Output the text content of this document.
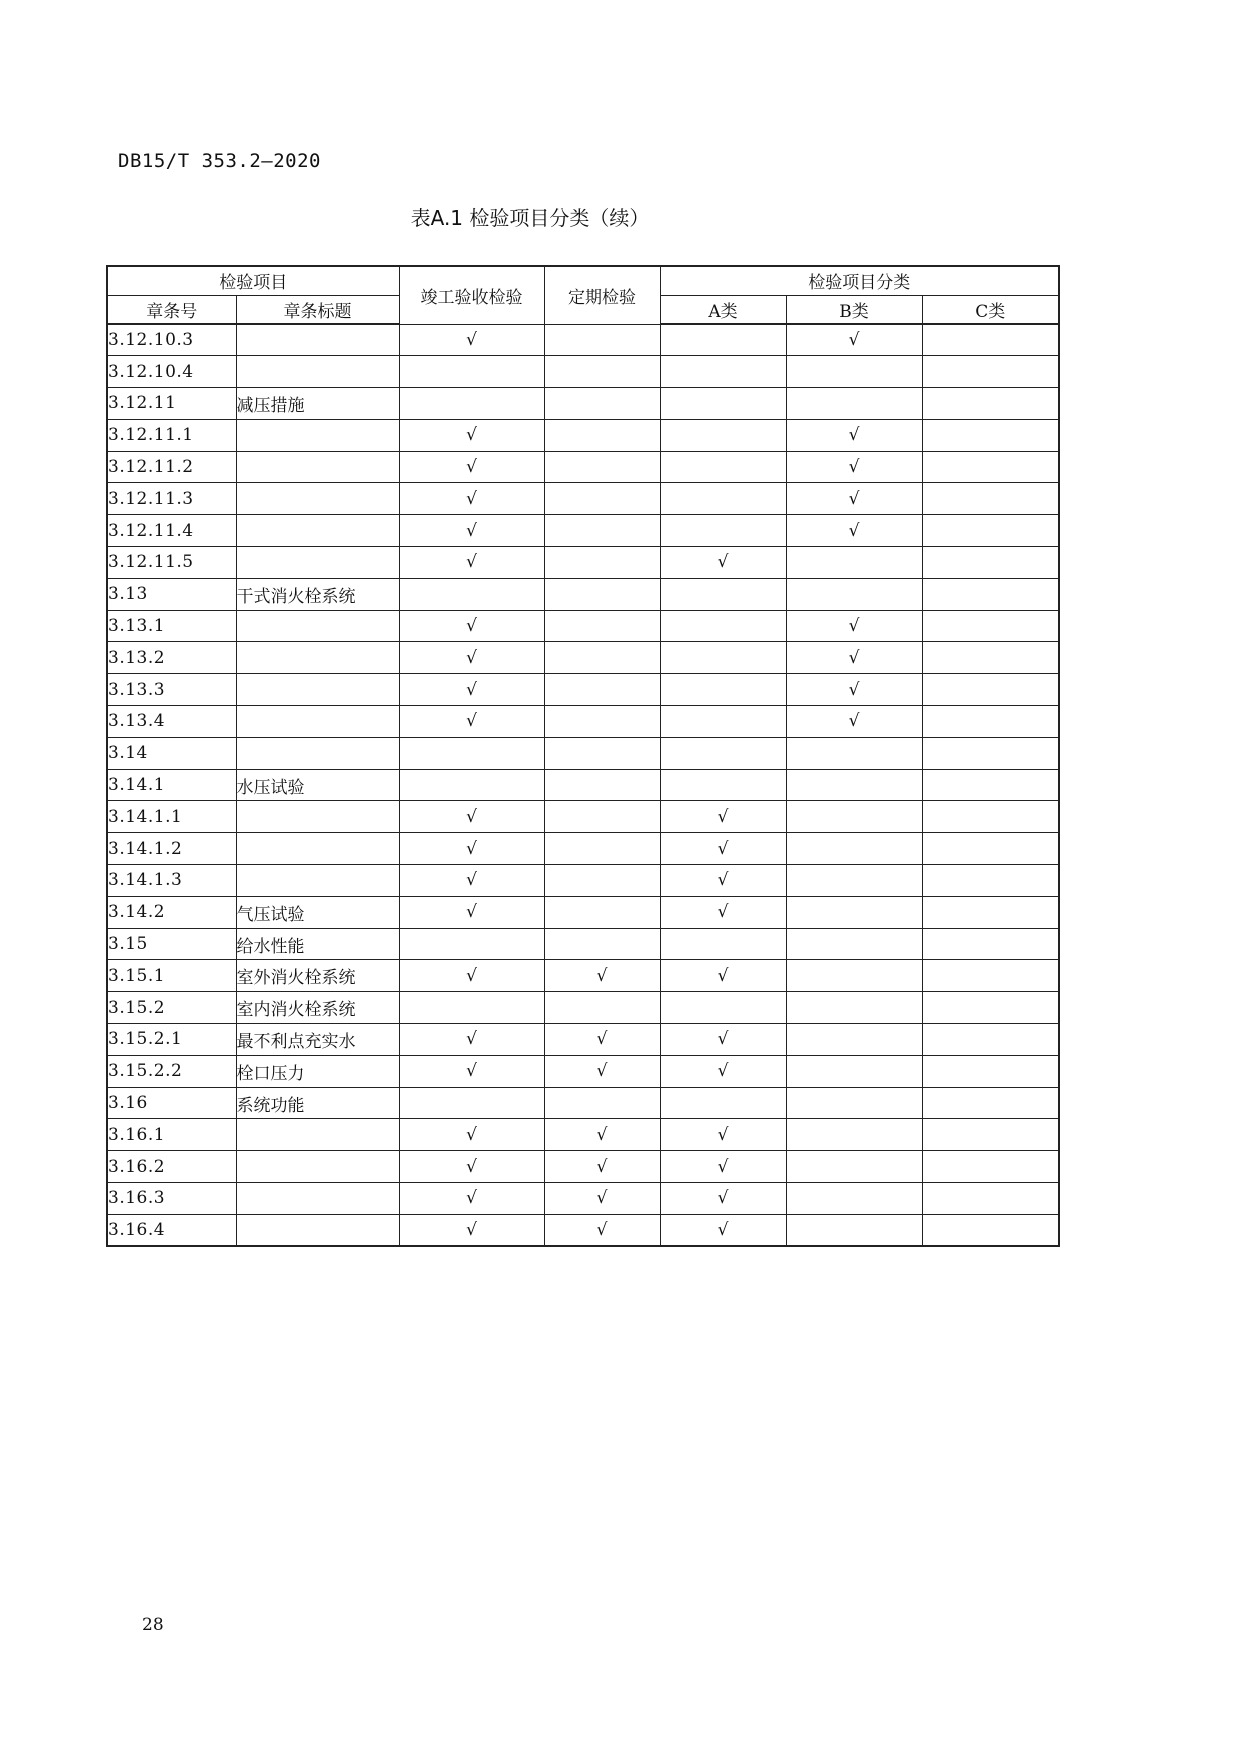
DB15/T 353.2—2020
表A.1 检验项目分类（续）
检验项目		竣工验收检验	定期检验	检验项目分类		
章条号	章条标题			A类	B类	C类
3.12.10.3		√			√	
3.12.10.4						
3.12.11	减压措施					
3.12.11.1		√			√	
3.12.11.2		√			√	
3.12.11.3		√			√	
3.12.11.4		√			√	
3.12.11.5		√		√		
3.13	干式消火栓系统					
3.13.1		√			√	
3.13.2		√			√	
3.13.3		√			√	
3.13.4		√			√	
3.14						
3.14.1	水压试验					
3.14.1.1		√		√		
3.14.1.2		√		√		
3.14.1.3		√		√		
3.14.2	气压试验	√		√		
3.15	给水性能					
3.15.1	室外消火栓系统	√	√	√		
3.15.2	室内消火栓系统					
3.15.2.1	最不利点充实水	√	√	√		
3.15.2.2	栓口压力	√	√	√		
3.16	系统功能					
3.16.1		√	√	√		
3.16.2		√	√	√		
3.16.3		√	√	√		
3.16.4		√	√	√		
28
